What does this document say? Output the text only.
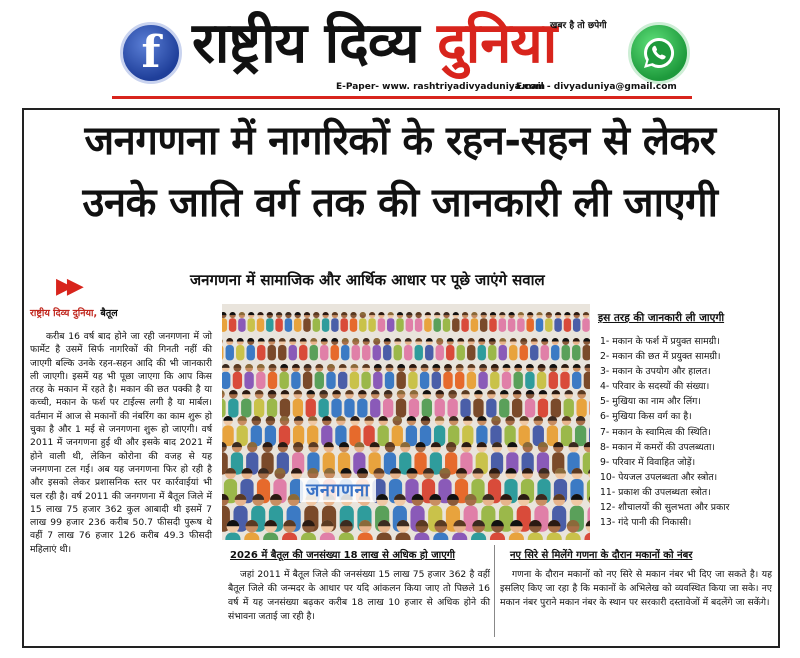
f राष्ट्रीय दिव्य दुनिया
खबर है तो छपेगी
E-Paper- www. rashtriyadivyaduniya.com
Email - divyaduniya@gmail.com
जनगणना में नागरिकों के रहन-सहन से लेकर
उनके जाति वर्ग तक की जानकारी ली जाएगी
▶▶	जनगणना में सामाजिक और आर्थिक आधार पर पूछे जाएंगे सवाल
राष्ट्रीय दिव्य दुनिया, बैतूल

करीब 16 वर्ष बाद होने जा रही जनगणना में जो फार्मेट है उसमें सिर्फ नागरिकों की गिनती नहीं की जाएगी बल्कि उनके रहन-सहन आदि की भी जानकारी ली जाएगी। इसमें यह भी पूछा जाएगा कि आप किस तरह के मकान में रहते है। मकान की छत पक्की है या कच्ची, मकान के फर्श पर टाईल्स लगी है या मार्बल। वर्तमान में आज से मकानों की नंबरिंग का काम शुरू हो चुका है और 1 मई से जनगणना शुरू हो जाएगी। वर्ष 2011 में जनगणना हुई थी और इसके बाद 2021 में होने वाली थी, लेकिन कोरोना की वजह से यह जनगणना टल गई। अब यह जनगणना फिर हो रही है और इसको लेकर प्रशासनिक स्तर पर कार्रवाईयां भी चल रही है। वर्ष 2011 की जनगणना में बैतूल जिले में 15 लाख 75 हजार 362 कुल आबादी थी इसमें 7 लाख 99 हजार 236 करीब 50.7 फीसदी पुरूष थे वहीं 7 लाख 76 हजार 126 करीब 49.3 फीसदी महिलाएं थी।

जनगणना
इस तरह की जानकारी ली जाएगी
1- मकान के फर्श में प्रयुक्त सामग्री।
2- मकान की छत में प्रयुक्त सामग्री।
3- मकान के उपयोग और हालत।
4- परिवार के सदस्यों की संख्या।
5- मुखिया का नाम और लिंग।
6- मुखिया किस वर्ग का है।
7- मकान के स्वामित्व की स्थिति।
8- मकान में कमरों की उपलब्धता।
9- परिवार में विवाहित जोड़ें।
10- पेयजल उपलब्धता और स्त्रोत।
11- प्रकाश की उपलब्धता स्त्रोत।
12- शौचालयों की सुलभता और प्रकार
13- गंदे पानी की निकासी।
2026 में बैतूल की जनसंख्या 18 लाख से अधिक हो जाएगी
जहां 2011 में बैतूल जिले की जनसंख्या 15 लाख 75 हजार 362 है वहीं बैतूल जिले की जन्मदर के आधार पर यदि आंकलन किया जाए तो पिछले 16 वर्ष में यह जनसंख्या बढ़कर करीब 18 लाख 10 हजार से अधिक होने की संभावना जताई जा रही है।
नए सिरे से मिलेंगे गणना के दौरान मकानों को नंबर
गणना के दौरान मकानों को नए सिरे से मकान नंबर भी दिए जा सकते है। यह इसलिए किए जा रहा है कि मकानों के अभिलेख को व्यवस्थित किया जा सके। नए मकान नंबर पुराने मकान नंबर के स्थान पर सरकारी दस्तावेजों में बदलेंगे जा सकेंगे।
